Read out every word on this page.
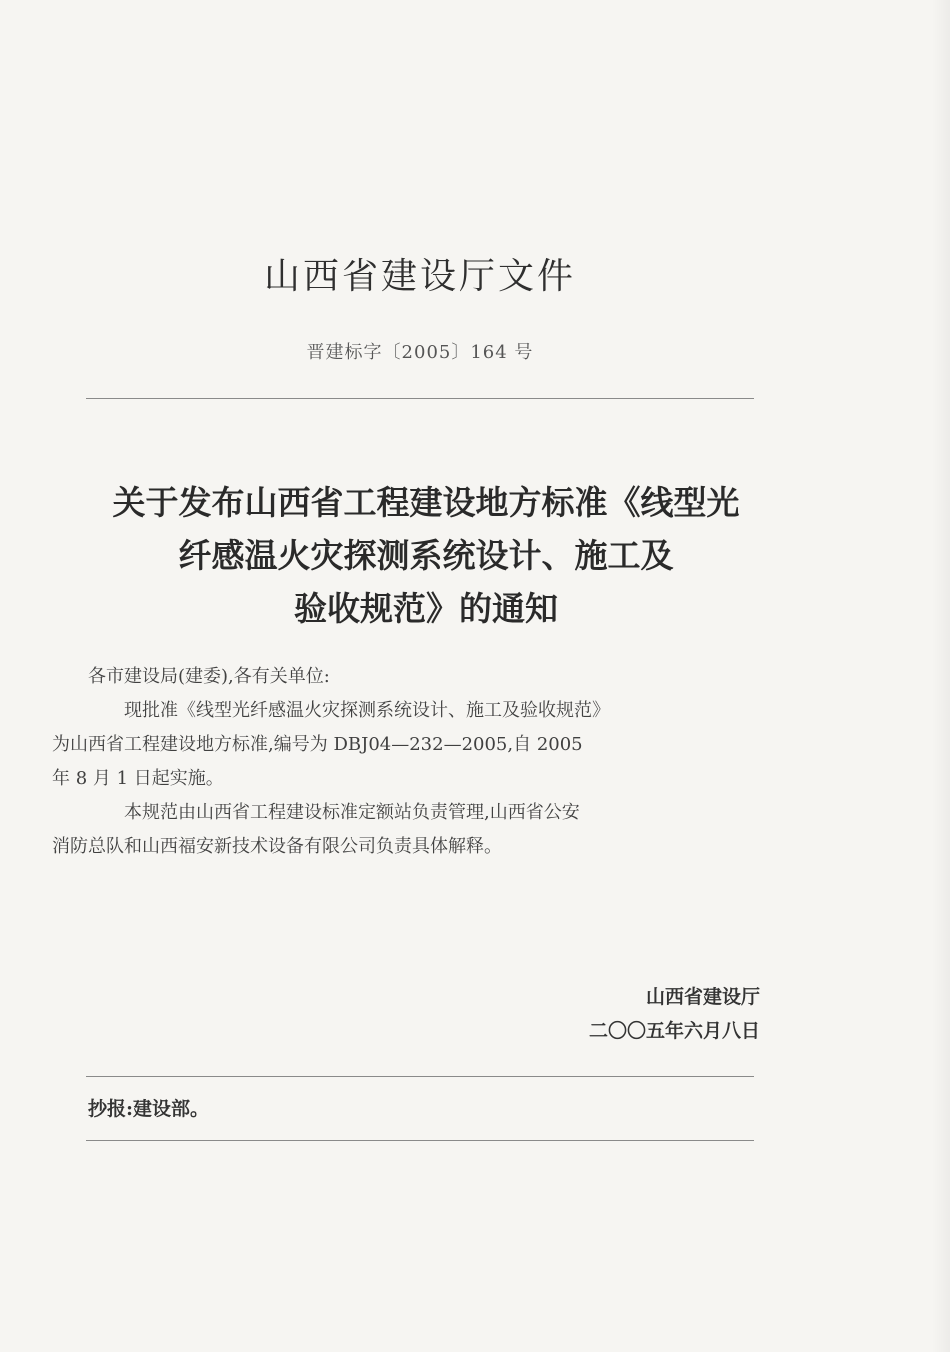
山西省建设厅文件
晋建标字〔2005〕164 号
关于发布山西省工程建设地方标准《线型光
纤感温火灾探测系统设计、施工及
验收规范》的通知

各市建设局(建委),各有关单位:

现批准《线型光纤感温火灾探测系统设计、施工及验收规范》
为山西省工程建设地方标准,编号为 DBJ04—232—2005,自 2005
年 8 月 1 日起实施。

本规范由山西省工程建设标准定额站负责管理,山西省公安
消防总队和山西福安新技术设备有限公司负责具体解释。

山西省建设厅
二〇〇五年六月八日
抄报:建设部。
